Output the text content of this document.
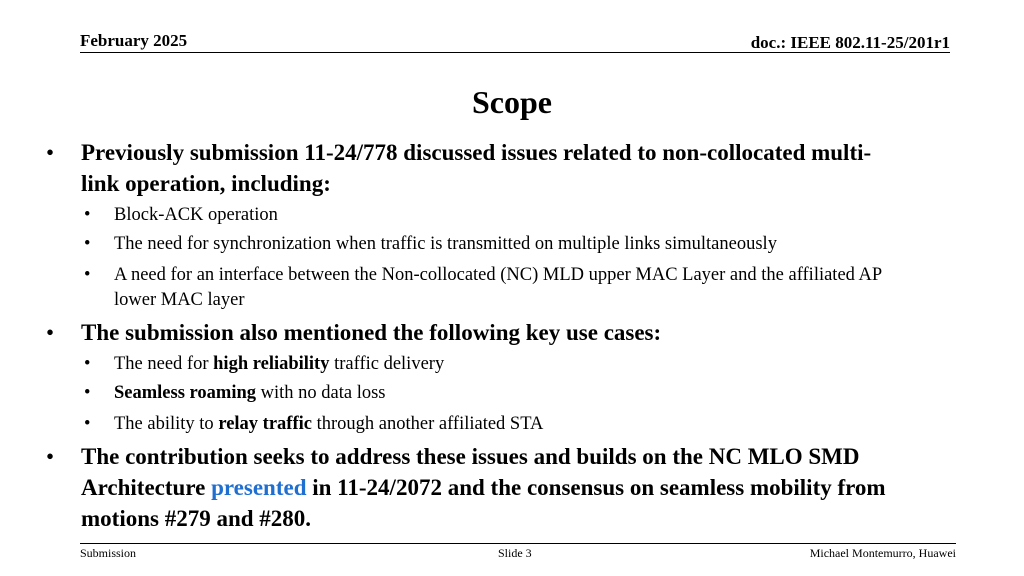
February 2025	doc.: IEEE 802.11-25/201r1
Scope
• Previously submission 11-24/778 discussed issues related to non-collocated multi-link operation, including:
• Block-ACK operation
• The need for synchronization when traffic is transmitted on multiple links simultaneously
• A need for an interface between the Non-collocated (NC) MLD upper MAC Layer and the affiliated AP lower MAC layer
• The submission also mentioned the following key use cases:
• The need for high reliability traffic delivery
• Seamless roaming with no data loss
• The ability to relay traffic through another affiliated STA
• The contribution seeks to address these issues and builds on the NC MLO SMD Architecture presented in 11-24/2072 and the consensus on seamless mobility from motions #279 and #280.
Submission	Slide 3	Michael Montemurro, Huawei
